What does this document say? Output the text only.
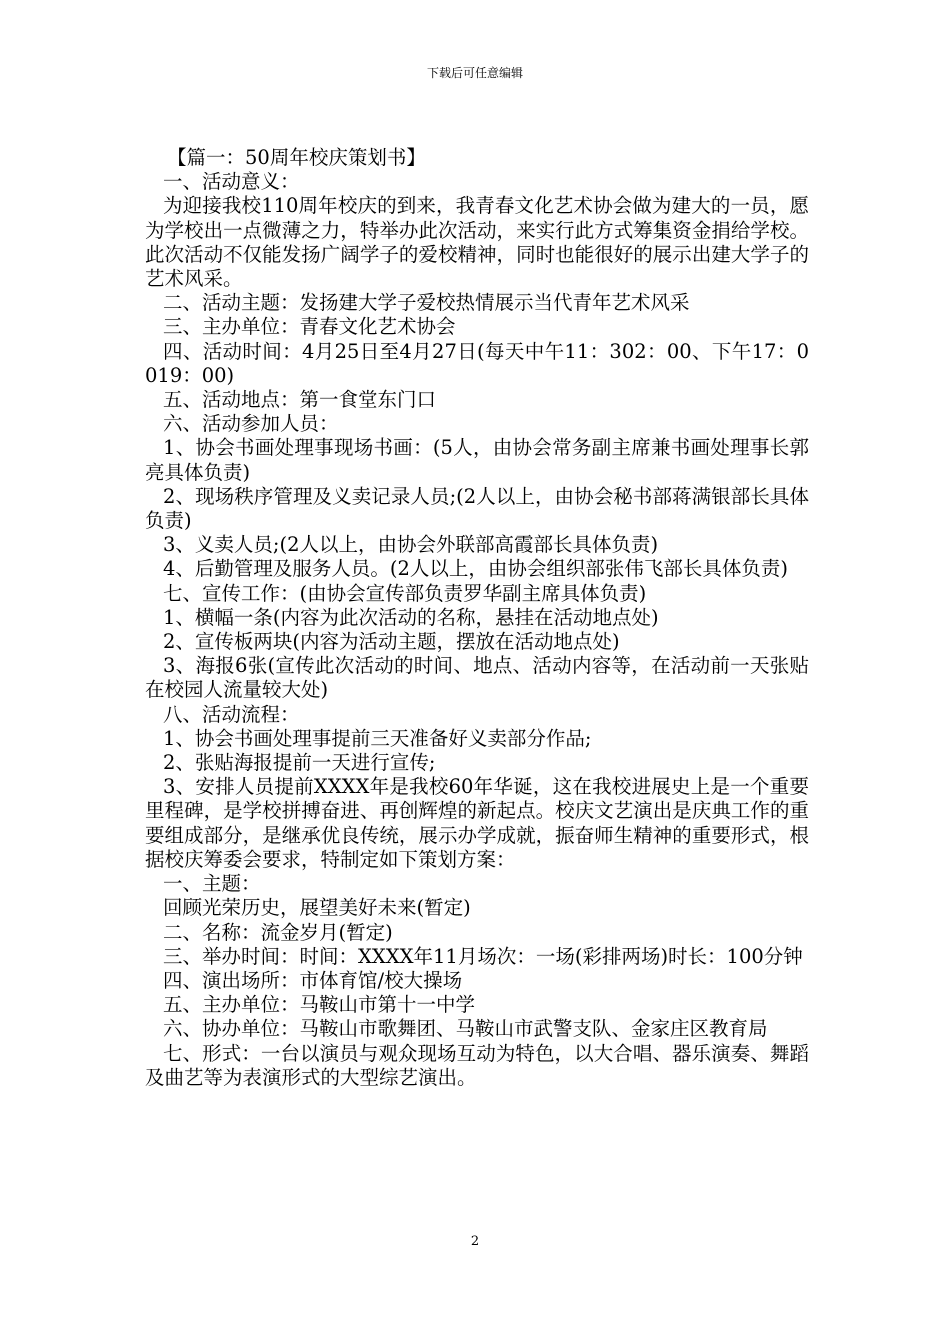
下载后可任意编辑

【篇一：50周年校庆策划书】

一、活动意义：

为迎接我校110周年校庆的到来，我青春文化艺术协会做为建大的一员，愿为学校出一点微薄之力，特举办此次活动，来实行此方式筹集资金捐给学校。此次活动不仅能发扬广阔学子的爱校精神，同时也能很好的展示出建大学子的艺术风采。

二、活动主题：发扬建大学子爱校热情展示当代青年艺术风采

三、主办单位：青春文化艺术协会

四、活动时间：4月25日至4月27日(每天中午11：302：00、下午17：0019：00)

五、活动地点：第一食堂东门口

六、活动参加人员：

1、协会书画处理事现场书画：(5人，由协会常务副主席兼书画处理事长郭亮具体负责)

2、现场秩序管理及义卖记录人员;(2人以上，由协会秘书部蒋满银部长具体负责)

3、义卖人员;(2人以上，由协会外联部高霞部长具体负责)

4、后勤管理及服务人员。(2人以上，由协会组织部张伟飞部长具体负责)

七、宣传工作：(由协会宣传部负责罗华副主席具体负责)

1、横幅一条(内容为此次活动的名称，悬挂在活动地点处)

2、宣传板两块(内容为活动主题，摆放在活动地点处)

3、海报6张(宣传此次活动的时间、地点、活动内容等，在活动前一天张贴在校园人流量较大处)

八、活动流程：

1、协会书画处理事提前三天准备好义卖部分作品;

2、张贴海报提前一天进行宣传;

3、安排人员提前XXXX年是我校60年华诞，这在我校进展史上是一个重要里程碑，是学校拼搏奋进、再创辉煌的新起点。校庆文艺演出是庆典工作的重要组成部分，是继承优良传统，展示办学成就，振奋师生精神的重要形式，根据校庆筹委会要求，特制定如下策划方案：

一、主题：

回顾光荣历史，展望美好未来(暂定)

二、名称：流金岁月(暂定)

三、举办时间：时间：XXXX年11月场次：一场(彩排两场)时长：100分钟

四、演出场所：市体育馆/校大操场

五、主办单位：马鞍山市第十一中学

六、协办单位：马鞍山市歌舞团、马鞍山市武警支队、金家庄区教育局

七、形式：一台以演员与观众现场互动为特色，以大合唱、器乐演奏、舞蹈及曲艺等为表演形式的大型综艺演出。

2
